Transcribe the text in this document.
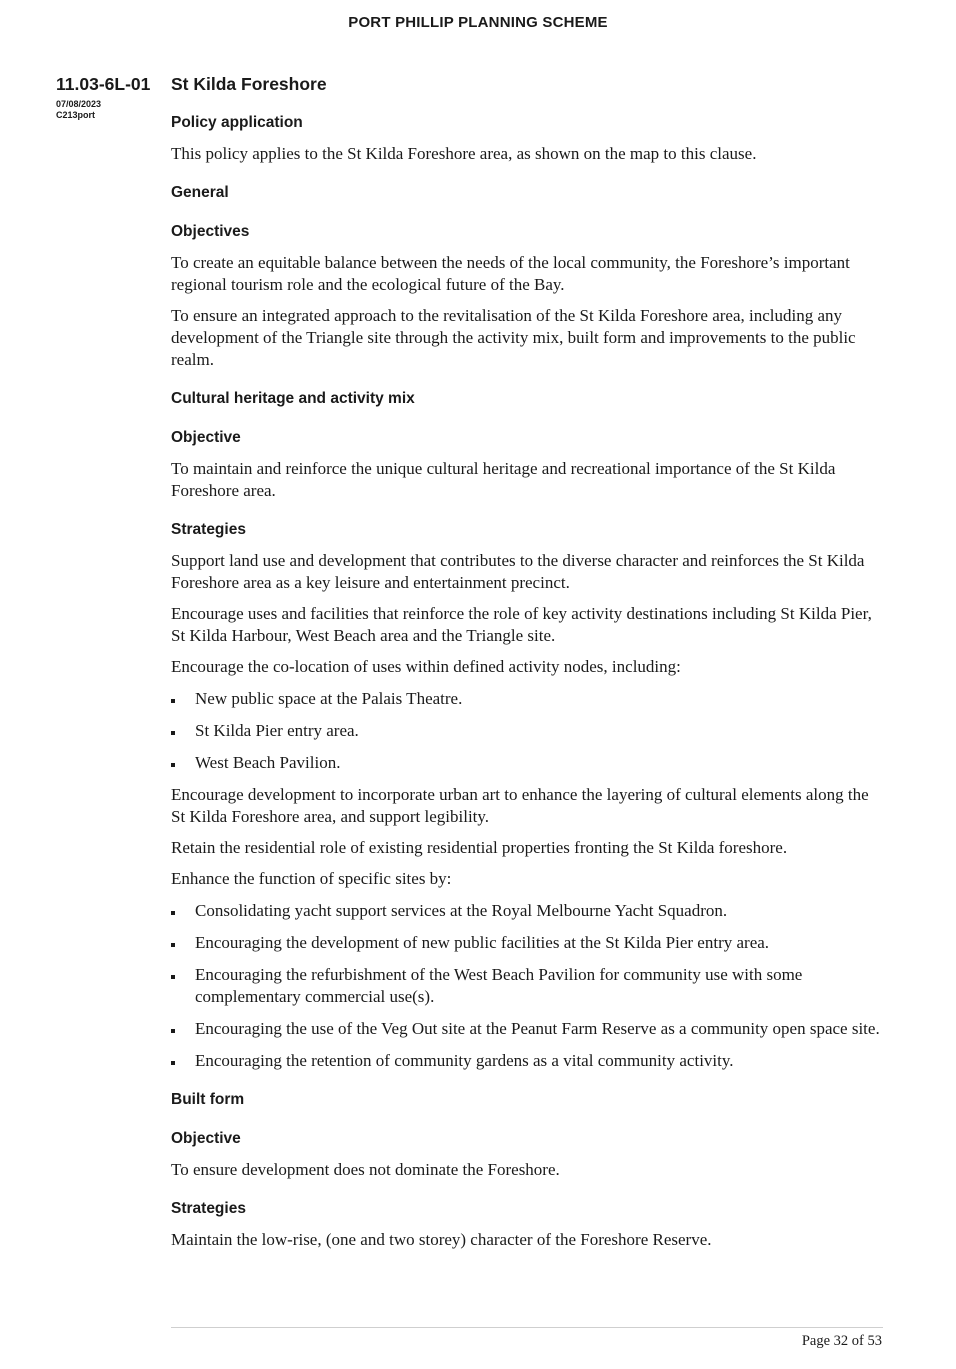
PORT PHILLIP PLANNING SCHEME
11.03-6L-01
07/08/2023
C213port
St Kilda Foreshore
Policy application
This policy applies to the St Kilda Foreshore area, as shown on the map to this clause.
General
Objectives
To create an equitable balance between the needs of the local community, the Foreshore’s important regional tourism role and the ecological future of the Bay.
To ensure an integrated approach to the revitalisation of the St Kilda Foreshore area, including any development of the Triangle site through the activity mix, built form and improvements to the public realm.
Cultural heritage and activity mix
Objective
To maintain and reinforce the unique cultural heritage and recreational importance of the St Kilda Foreshore area.
Strategies
Support land use and development that contributes to the diverse character and reinforces the St Kilda Foreshore area as a key leisure and entertainment precinct.
Encourage uses and facilities that reinforce the role of key activity destinations including St Kilda Pier, St Kilda Harbour, West Beach area and the Triangle site.
Encourage the co-location of uses within defined activity nodes, including:
New public space at the Palais Theatre.
St Kilda Pier entry area.
West Beach Pavilion.
Encourage development to incorporate urban art to enhance the layering of cultural elements along the St Kilda Foreshore area, and support legibility.
Retain the residential role of existing residential properties fronting the St Kilda foreshore.
Enhance the function of specific sites by:
Consolidating yacht support services at the Royal Melbourne Yacht Squadron.
Encouraging the development of new public facilities at the St Kilda Pier entry area.
Encouraging the refurbishment of the West Beach Pavilion for community use with some complementary commercial use(s).
Encouraging the use of the Veg Out site at the Peanut Farm Reserve as a community open space site.
Encouraging the retention of community gardens as a vital community activity.
Built form
Objective
To ensure development does not dominate the Foreshore.
Strategies
Maintain the low-rise, (one and two storey) character of the Foreshore Reserve.
Page 32 of 53
